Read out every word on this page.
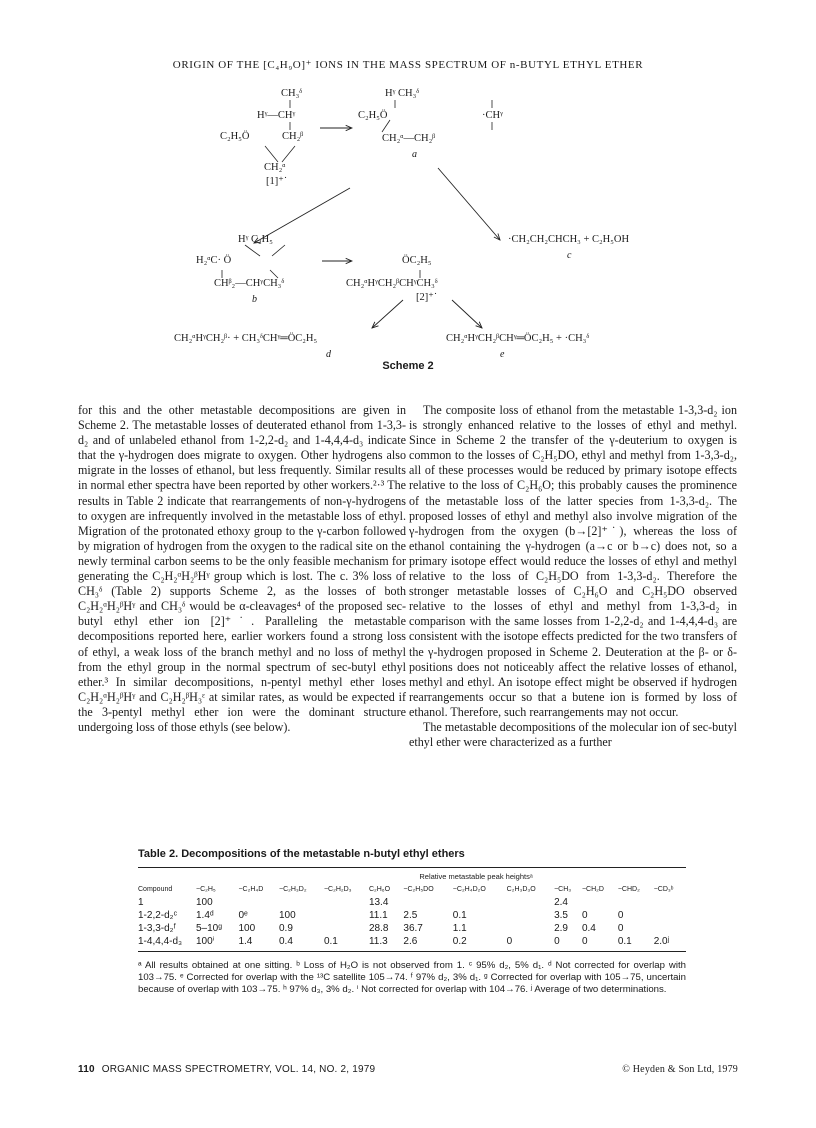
ORIGIN OF THE [C₄H₉O]⁺ IONS IN THE MASS SPECTRUM OF n-BUTYL ETHYL ETHER
CH₃ᵟ
Hᵞ—CHᵞ
C₂H₅Ö	CH₂ᵝ
CH₂ᵅ
[1]⁺˙
Hᵞ CH₃ᵟ
C₂H₅Ö	·CHᵞ
CH₂ᵅ—CH₂ᵝ
a
Hᵞ C₂H₅
H₂ᵅC· Ö
CHᵝ₂—CHᵞCH₃ᵟ
b
ÖC₂H₅
CH₂ᵅHᵞCH₂ᵝCHᵞCH₃ᵟ
[2]⁺˙
·CH₂CH₂CHCH₃ + C₂H₅OH
c
CH₂ᵅHᵞCH₂ᵝ· + CH₃ᵟCHᵞ═ÖC₂H₅
d
CH₂ᵅHᵞCH₂ᵝCHᵞ═ÖC₂H₅ + ·CH₃ᵟ
e
Scheme 2

for this and the other metastable decompositions are given in Scheme 2. The metastable losses of deuterated ethanol from 1-3,3-d₂ and of unlabeled ethanol from 1-2,2-d₂ and 1-4,4,4-d₃ indicate that the γ-hydrogen does migrate to oxygen. Other hydrogens also migrate in the losses of ethanol, but less frequently. Similar results in normal ether spectra have been reported by other workers.²·³ The results in Table 2 indicate that rearrangements of non-γ-hydrogens to oxygen are infrequently involved in the metastable loss of ethyl. Migration of the protonated ethoxy group to the γ-carbon followed by migration of hydrogen from the oxygen to the radical site on the newly terminal carbon seems to be the only feasible mechanism for generating the C₂H₂ᵅH₂ᵝHᵞ group which is lost. The c. 3% loss of CH₃ᵟ (Table 2) supports Scheme 2, as the losses of both C₂H₂ᵅH₂ᵝHᵞ and CH₃ᵟ would be α-cleavages⁴ of the proposed sec-butyl ethyl ether ion [2]⁺˙. Paralleling the metastable decompositions reported here, earlier workers found a strong loss of ethyl, a weak loss of the branch methyl and no loss of methyl from the ethyl group in the normal spectrum of sec-butyl ethyl ether.³ In similar decompositions, n-pentyl methyl ether loses C₂H₂ᵅH₂ᵝHᵞ and C₂H₂ᵝH₃ᵋ at similar rates, as would be expected if the 3-pentyl methyl ether ion were the dominant structure undergoing loss of those ethyls (see below).

The composite loss of ethanol from the metastable 1-3,3-d₂ ion is strongly enhanced relative to the losses of ethyl and methyl. Since in Scheme 2 the transfer of the γ-deuterium to oxygen is common to the losses of C₂H₅DO, ethyl and methyl from 1-3,3-d₂, all of these processes would be reduced by primary isotope effects relative to the loss of C₂H₆O; this probably causes the prominence of the metastable loss of the latter species from 1-3,3-d₂. The proposed losses of ethyl and methyl also involve migration of the γ-hydrogen from the oxygen (b→[2]⁺˙), whereas the loss of ethanol containing the γ-hydrogen (a→c or b→c) does not, so a primary isotope effect would reduce the losses of ethyl and methyl relative to the loss of C₂H₅DO from 1-3,3-d₂. Therefore the stronger metastable losses of C₂H₆O and C₂H₅DO observed relative to the losses of ethyl and methyl from 1-3,3-d₂ in comparison with the same losses from 1-2,2-d₂ and 1-4,4,4-d₃ are consistent with the isotope effects predicted for the two transfers of the γ-hydrogen proposed in Scheme 2. Deuteration at the β- or δ-positions does not noticeably affect the relative losses of ethanol, methyl and ethyl. An isotope effect might be observed if hydrogen rearrangements occur so that a butene ion is formed by loss of ethanol. Therefore, such rearrangements may not occur.

The metastable decompositions of the molecular ion of sec-butyl ethyl ether were characterized as a further

Table 2. Decompositions of the metastable n-butyl ethyl ethers
Relative metastable peak heightsᵃ
Compound	−C₂H₅	−C₂H₄D	−C₂H₃D₂	−C₂H₂D₃	C₂H₆O	−C₂H₅DO	−C₂H₄D₂O	C₂H₃D₃O	−CH₃	−CH₂D	−CHD₂	−CD₃ᵇ
1	100				13.4				2.4			
1-2,2-d₂ᶜ	1.4ᵈ	0ᵉ	100		11.1	2.5	0.1		3.5	0	0	
1-3,3-d₂ᶠ	5–10ᵍ	100	0.9		28.8	36.7	1.1		2.9	0.4	0	
1-4,4,4-d₃	100ⁱ	1.4	0.4	0.1	11.3	2.6	0.2	0	0	0	0.1	2.0ʲ
ᵃ All results obtained at one sitting. ᵇ Loss of H₂O is not observed from 1. ᶜ 95% d₂, 5% d₁. ᵈ Not corrected for overlap with 103→75. ᵉ Corrected for overlap with the ¹³C satellite 105→74. ᶠ 97% d₂, 3% d₁. ᵍ Corrected for overlap with 105→75, uncertain because of overlap with 103→75. ʰ 97% d₃, 3% d₂. ⁱ Not corrected for overlap with 104→76. ʲ Average of two determinations.
110 ORGANIC MASS SPECTROMETRY, VOL. 14, NO. 2, 1979	© Heyden & Son Ltd, 1979
